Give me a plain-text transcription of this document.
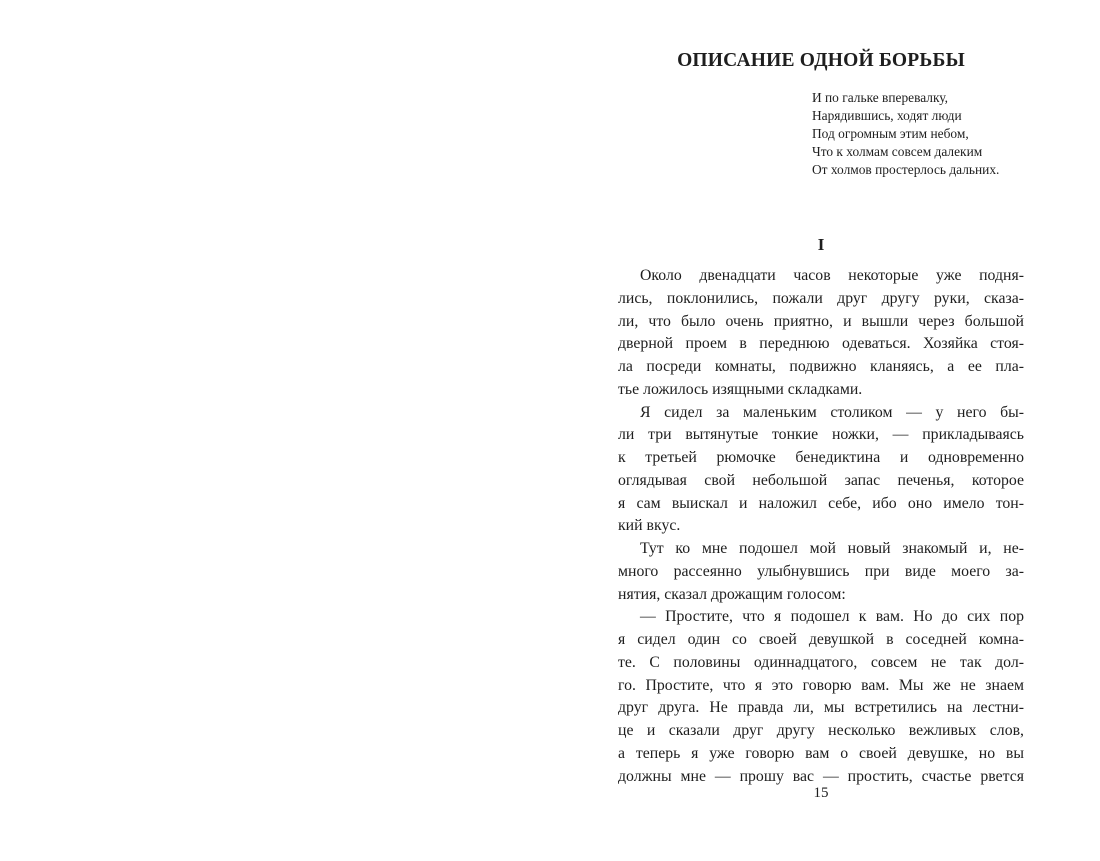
ОПИСАНИЕ ОДНОЙ БОРЬБЫ
И по гальке вперевалку,
Нарядившись, ходят люди
Под огромным этим небом,
Что к холмам совсем далеким
От холмов простерлось дальних.
I
Около двенадцати часов некоторые уже подня-
лись, поклонились, пожали друг другу руки, сказа-
ли, что было очень приятно, и вышли через большой
дверной проем в переднюю одеваться. Хозяйка стоя-
ла посреди комнаты, подвижно кланяясь, а ее пла-
тье ложилось изящными складками.
Я сидел за маленьким столиком — у него бы-
ли три вытянутые тонкие ножки, — прикладываясь
к третьей рюмочке бенедиктина и одновременно
оглядывая свой небольшой запас печенья, которое
я сам выискал и наложил себе, ибо оно имело тон-
кий вкус.
Тут ко мне подошел мой новый знакомый и, не-
много рассеянно улыбнувшись при виде моего за-
нятия, сказал дрожащим голосом:
— Простите, что я подошел к вам. Но до сих пор
я сидел один со своей девушкой в соседней комна-
те. С половины одиннадцатого, совсем не так дол-
го. Простите, что я это говорю вам. Мы же не знаем
друг друга. Не правда ли, мы встретились на лестни-
це и сказали друг другу несколько вежливых слов,
а теперь я уже говорю вам о своей девушке, но вы
должны мне — прошу вас — простить, счастье рвется
15
